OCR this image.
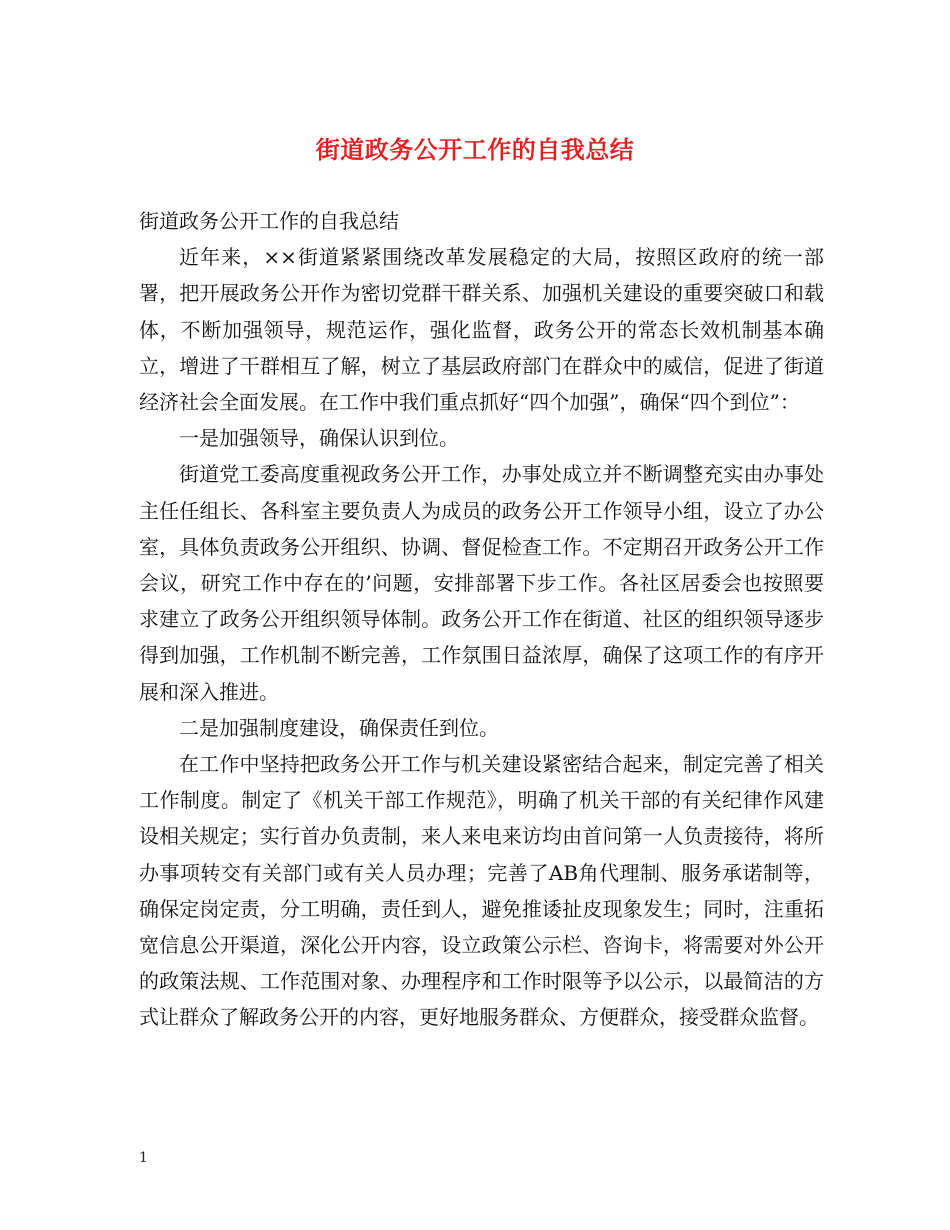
街道政务公开工作的自我总结

街道政务公开工作的自我总结

近年来，××街道紧紧围绕改革发展稳定的大局，按照区政府的统一部署，把开展政务公开作为密切党群干群关系、加强机关建设的重要突破口和载体，不断加强领导，规范运作，强化监督，政务公开的常态长效机制基本确立，增进了干群相互了解，树立了基层政府部门在群众中的威信，促进了街道经济社会全面发展。在工作中我们重点抓好“四个加强”，确保“四个到位”：

一是加强领导，确保认识到位。

街道党工委高度重视政务公开工作，办事处成立并不断调整充实由办事处主任任组长、各科室主要负责人为成员的政务公开工作领导小组，设立了办公室，具体负责政务公开组织、协调、督促检查工作。不定期召开政务公开工作会议，研究工作中存在的’问题，安排部署下步工作。各社区居委会也按照要求建立了政务公开组织领导体制。政务公开工作在街道、社区的组织领导逐步得到加强，工作机制不断完善，工作氛围日益浓厚，确保了这项工作的有序开展和深入推进。

二是加强制度建设，确保责任到位。

在工作中坚持把政务公开工作与机关建设紧密结合起来，制定完善了相关工作制度。制定了《机关干部工作规范》，明确了机关干部的有关纪律作风建设相关规定；实行首办负责制，来人来电来访均由首问第一人负责接待，将所办事项转交有关部门或有关人员办理；完善了AB角代理制、服务承诺制等，确保定岗定责，分工明确，责任到人，避免推诿扯皮现象发生；同时，注重拓宽信息公开渠道，深化公开内容，设立政策公示栏、咨询卡，将需要对外公开的政策法规、工作范围对象、办理程序和工作时限等予以公示，以最简洁的方式让群众了解政务公开的内容，更好地服务群众、方便群众，接受群众监督。

1
